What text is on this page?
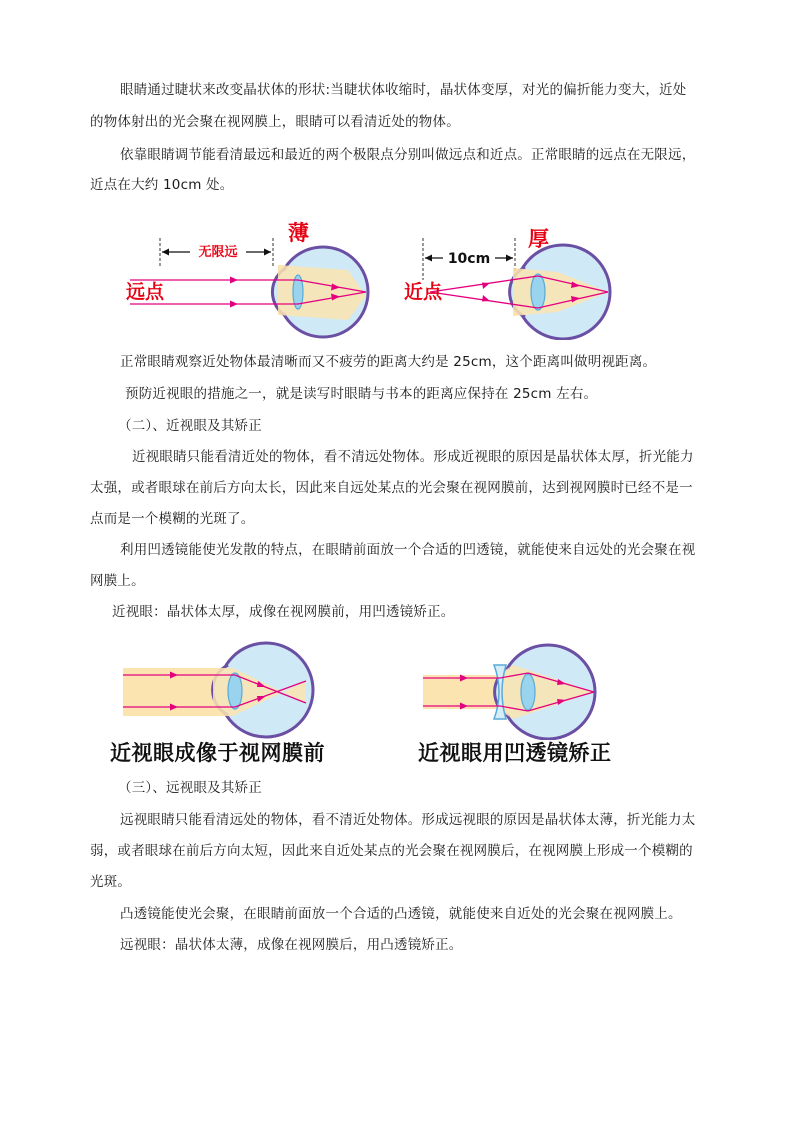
眼睛通过睫状来改变晶状体的形状:当睫状体收缩时，晶状体变厚，对光的偏折能力变大，近处
的物体射出的光会聚在视网膜上，眼睛可以看清近处的物体。
依靠眼睛调节能看清最远和最近的两个极限点分别叫做远点和近点。正常眼睛的远点在无限远，
近点在大约 10cm 处。
无限远
远点
薄
10cm
近点
厚
正常眼睛观察近处物体最清晰而又不疲劳的距离大约是 25cm，这个距离叫做明视距离。
预防近视眼的措施之一，就是读写时眼睛与书本的距离应保持在 25cm 左右。
（二）、近视眼及其矫正
近视眼睛只能看清近处的物体，看不清远处物体。形成近视眼的原因是晶状体太厚，折光能力
太强，或者眼球在前后方向太长，因此来自远处某点的光会聚在视网膜前，达到视网膜时已经不是一
点而是一个模糊的光斑了。
利用凹透镜能使光发散的特点，在眼睛前面放一个合适的凹透镜，就能使来自远处的光会聚在视
网膜上。
近视眼：晶状体太厚，成像在视网膜前，用凹透镜矫正。
近视眼成像于视网膜前	近视眼用凹透镜矫正
（三）、远视眼及其矫正
远视眼睛只能看清远处的物体，看不清近处物体。形成远视眼的原因是晶状体太薄，折光能力太
弱，或者眼球在前后方向太短，因此来自近处某点的光会聚在视网膜后，在视网膜上形成一个模糊的
光斑。
凸透镜能使光会聚，在眼睛前面放一个合适的凸透镜，就能使来自近处的光会聚在视网膜上。
远视眼：晶状体太薄，成像在视网膜后，用凸透镜矫正。
